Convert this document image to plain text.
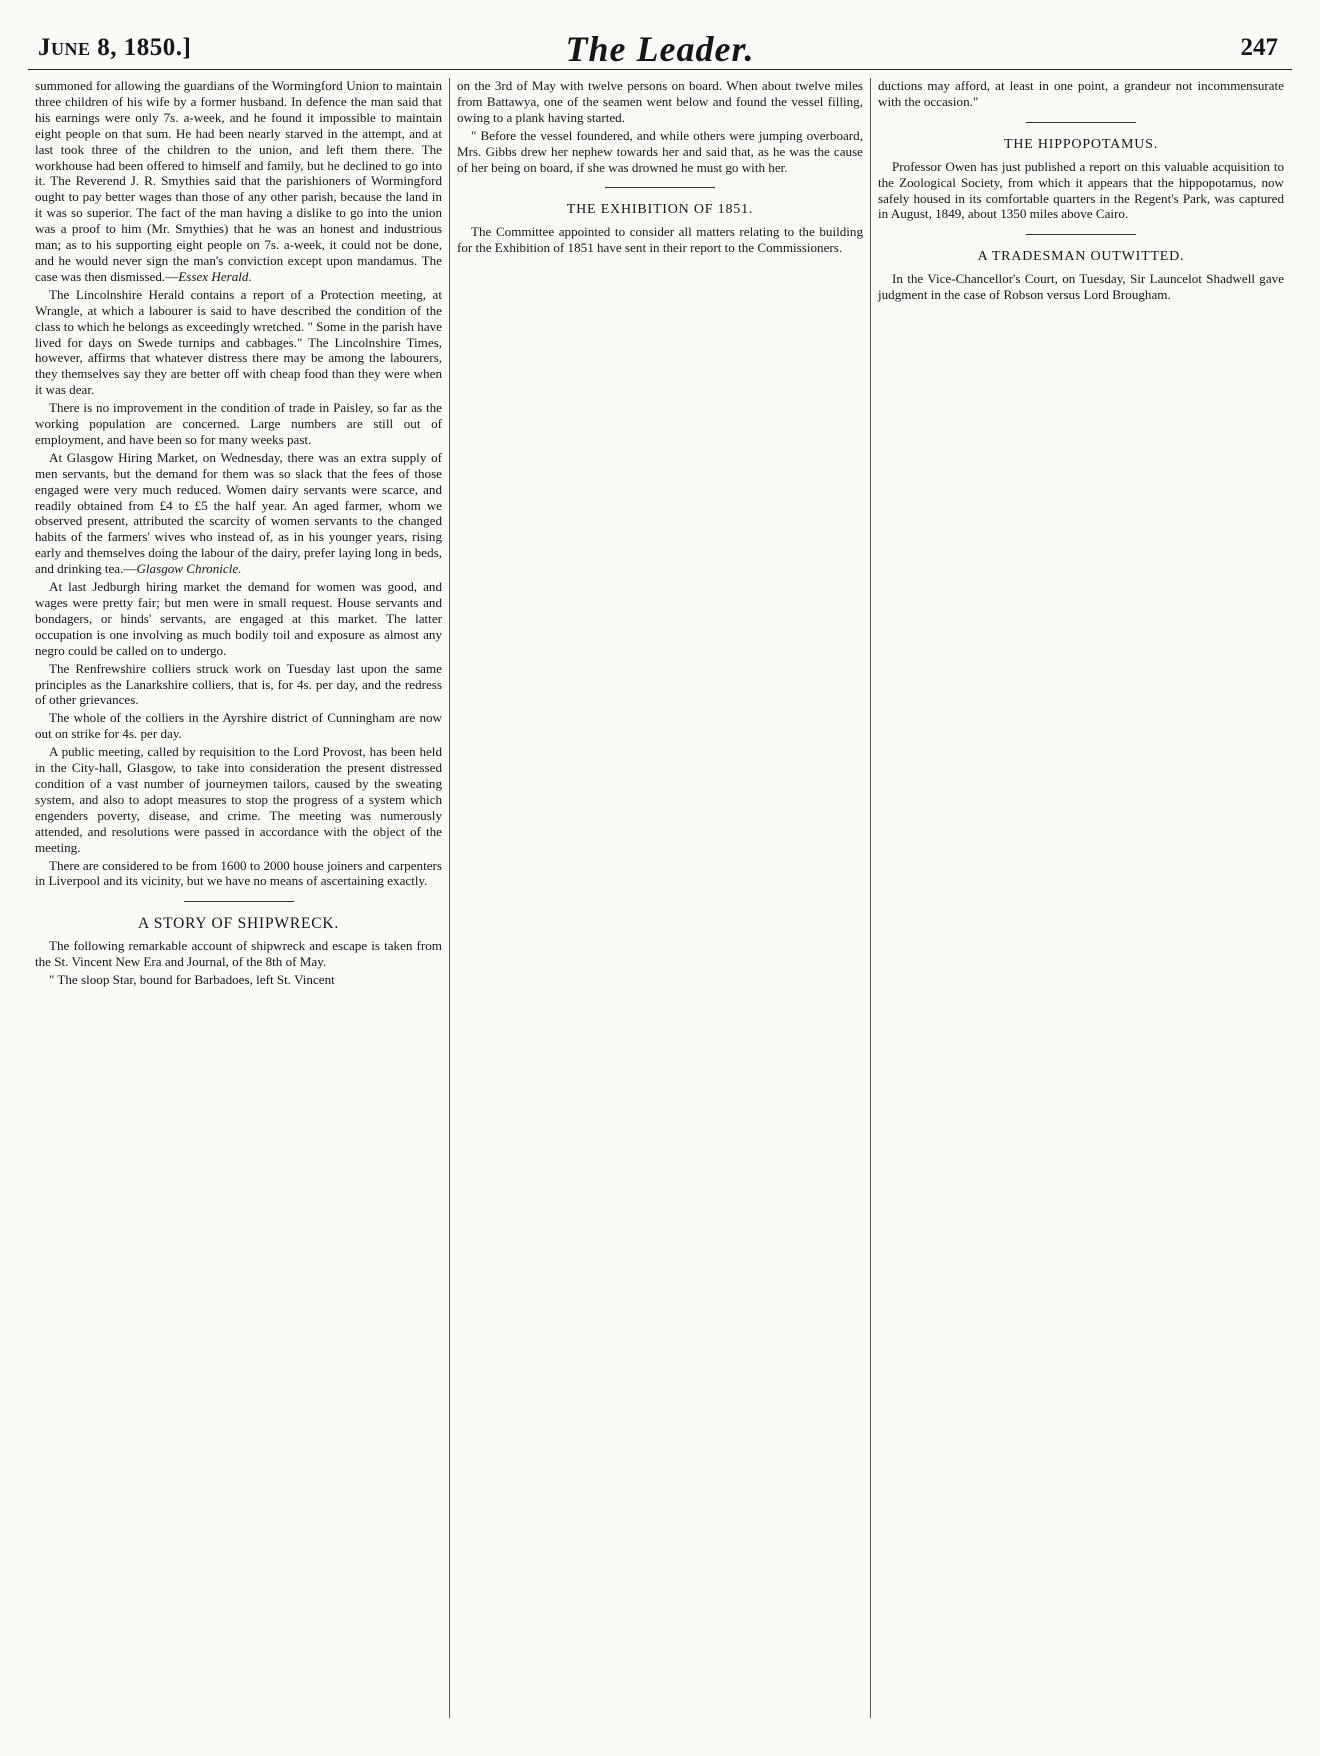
June 8, 1850.]	The Leader.	247

summoned for allowing the guardians of the Wormingford Union to maintain three children of his wife by a former husband. In defence the man said that his earnings were only 7s. a-week, and he found it impossible to maintain eight people on that sum. He had been nearly starved in the attempt, and at last took three of the children to the union, and left them there. The workhouse had been offered to himself and family, but he declined to go into it. The Reverend J. R. Smythies said that the parishioners of Wormingford ought to pay better wages than those of any other parish, because the land in it was so superior. The fact of the man having a dislike to go into the union was a proof to him (Mr. Smythies) that he was an honest and industrious man; as to his supporting eight people on 7s. a-week, it could not be done, and he would never sign the man's conviction except upon mandamus. The case was then dismissed.—Essex Herald.

The Lincolnshire Herald contains a report of a Protection meeting, at Wrangle, at which a labourer is said to have described the condition of the class to which he belongs as exceedingly wretched. " Some in the parish have lived for days on Swede turnips and cabbages." The Lincolnshire Times, however, affirms that whatever distress there may be among the labourers, they themselves say they are better off with cheap food than they were when it was dear.

There is no improvement in the condition of trade in Paisley, so far as the working population are concerned. Large numbers are still out of employment, and have been so for many weeks past.

At Glasgow Hiring Market, on Wednesday, there was an extra supply of men servants, but the demand for them was so slack that the fees of those engaged were very much reduced. Women dairy servants were scarce, and readily obtained from £4 to £5 the half year. An aged farmer, whom we observed present, attributed the scarcity of women servants to the changed habits of the farmers' wives who instead of, as in his younger years, rising early and themselves doing the labour of the dairy, prefer laying long in beds, and drinking tea.—Glasgow Chronicle.

At last Jedburgh hiring market the demand for women was good, and wages were pretty fair; but men were in small request. House servants and bondagers, or hinds' servants, are engaged at this market. The latter occupation is one involving as much bodily toil and exposure as almost any negro could be called on to undergo.

The Renfrewshire colliers struck work on Tuesday last upon the same principles as the Lanarkshire colliers, that is, for 4s. per day, and the redress of other grievances.

The whole of the colliers in the Ayrshire district of Cunningham are now out on strike for 4s. per day.

A public meeting, called by requisition to the Lord Provost, has been held in the City-hall, Glasgow, to take into consideration the present distressed condition of a vast number of journeymen tailors, caused by the sweating system, and also to adopt measures to stop the progress of a system which engenders poverty, disease, and crime. The meeting was numerously attended, and resolutions were passed in accordance with the object of the meeting.

There are considered to be from 1600 to 2000 house joiners and carpenters in Liverpool and its vicinity, but we have no means of ascertaining exactly.

A STORY OF SHIPWRECK.

The following remarkable account of shipwreck and escape is taken from the St. Vincent New Era and Journal, of the 8th of May.

" The sloop Star, bound for Barbadoes, left St. Vincent

on the 3rd of May with twelve persons on board. When about twelve miles from Battawya, one of the seamen went below and found the vessel filling, owing to a plank having started.

" Before the vessel foundered, and while others were jumping overboard, Mrs. Gibbs drew her nephew towards her and said that, as he was the cause of her being on board, if she was drowned he must go with her.

THE EXHIBITION OF 1851.

The Committee appointed to consider all matters relating to the building for the Exhibition of 1851 have sent in their report to the Commissioners.

ductions may afford, at least in one point, a grandeur not incommensurate with the occasion."

THE HIPPOPOTAMUS.

Professor Owen has just published a report on this valuable acquisition to the Zoological Society, from which it appears that the hippopotamus, now safely housed in its comfortable quarters in the Regent's Park, was captured in August, 1849, about 1350 miles above Cairo.

A TRADESMAN OUTWITTED.

In the Vice-Chancellor's Court, on Tuesday, Sir Launcelot Shadwell gave judgment in the case of Robson versus Lord Brougham.
